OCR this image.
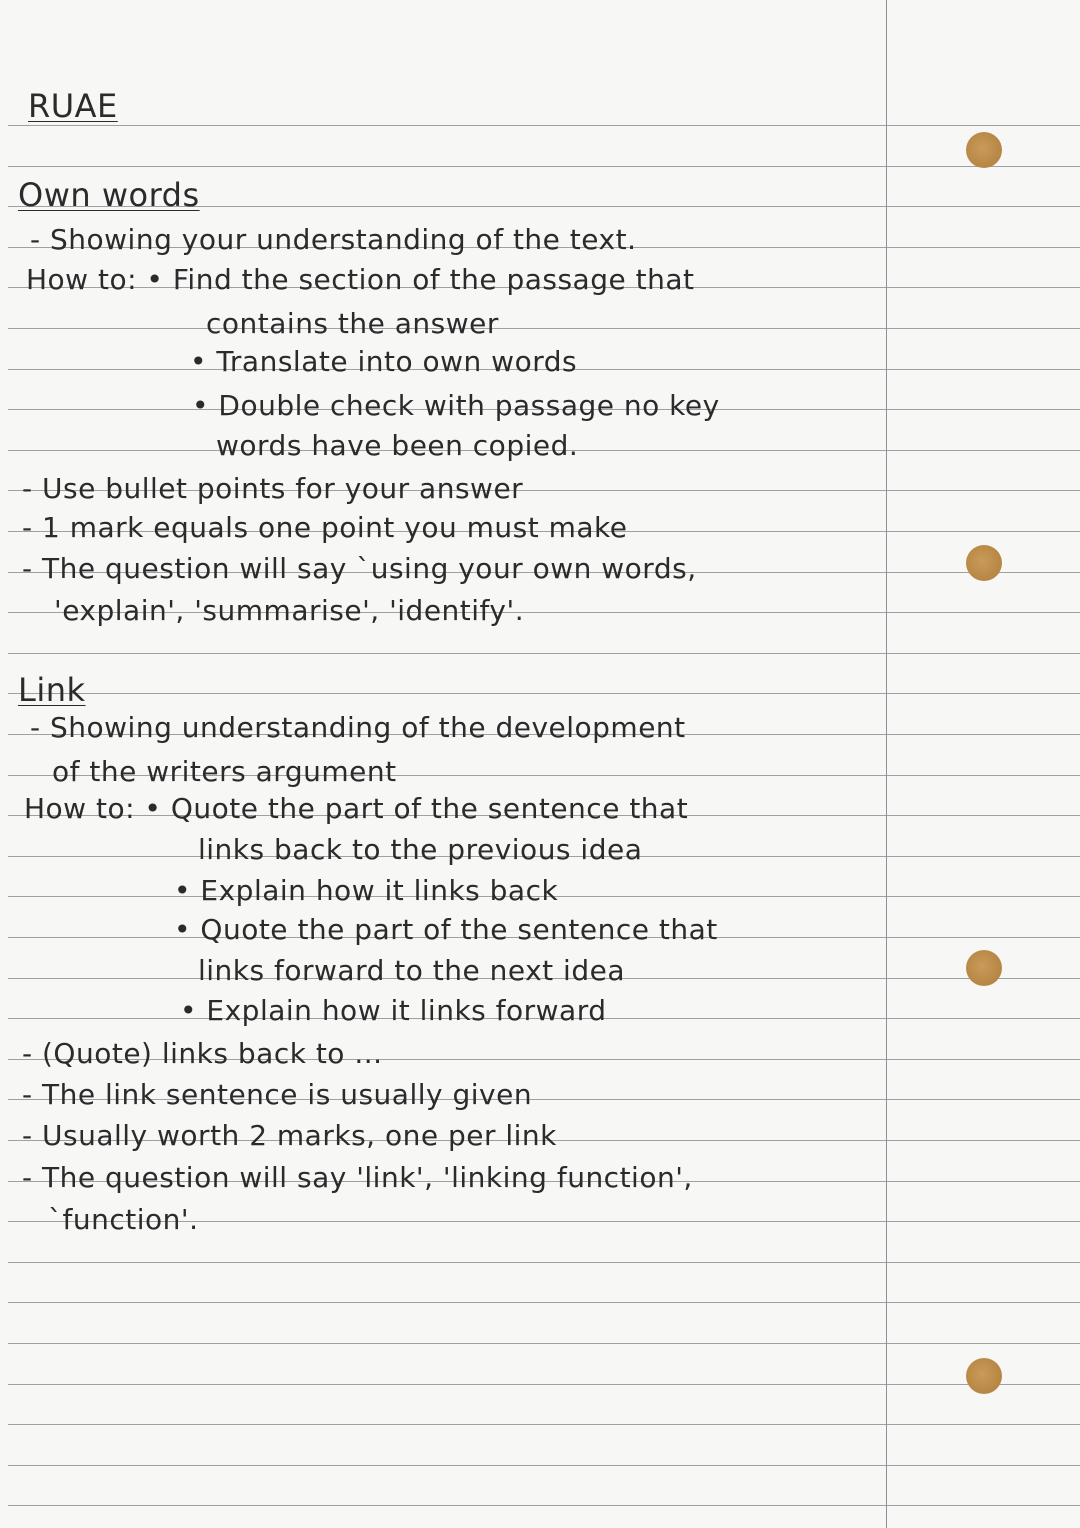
RUAE
Own words
- Showing your understanding of the text.
How to: • Find the section of the passage that
contains the answer
• Translate into own words
• Double check with passage no key
words have been copied.
- Use bullet points for your answer
- 1 mark equals one point you must make
- The question will say `using your own words,
'explain', 'summarise', 'identify'.
Link
- Showing understanding of the development
of the writers argument
How to: • Quote the part of the sentence that
links back to the previous idea
• Explain how it links back
• Quote the part of the sentence that
links forward to the next idea
• Explain how it links forward
- (Quote) links back to ...
- The link sentence is usually given
- Usually worth 2 marks, one per link
- The question will say 'link', 'linking function',
`function'.
